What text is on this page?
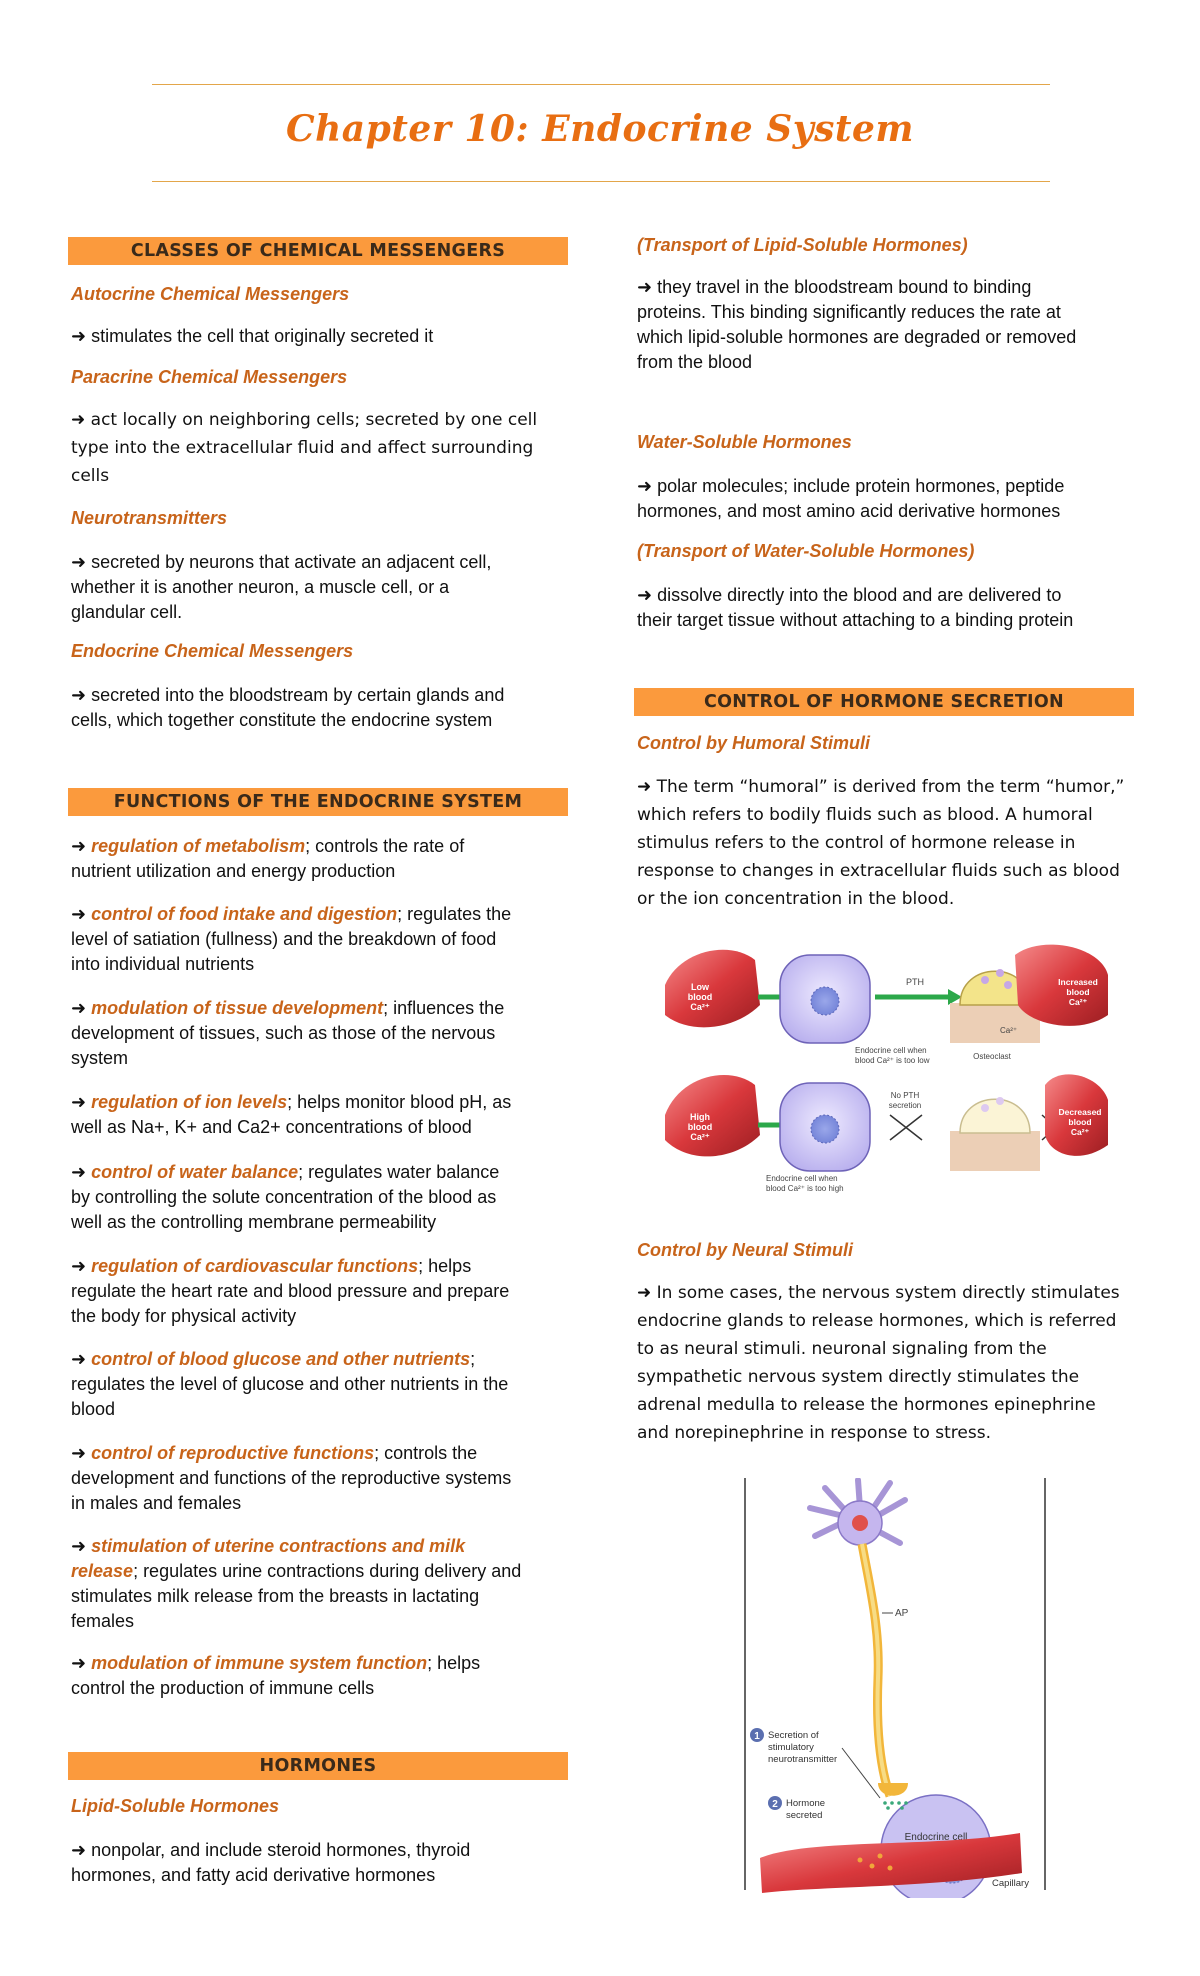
Chapter 10: Endocrine System
CLASSES OF CHEMICAL MESSENGERS
Autocrine Chemical Messengers
➜ stimulates the cell that originally secreted it
Paracrine Chemical Messengers
➜ act locally on neighboring cells; secreted by one cell
type into the extracellular fluid and affect surrounding
cells
Neurotransmitters
➜ secreted by neurons that activate an adjacent cell,
whether it is another neuron, a muscle cell, or a
glandular cell.
Endocrine Chemical Messengers
➜ secreted into the bloodstream by certain glands and
cells, which together constitute the endocrine system
FUNCTIONS OF THE ENDOCRINE SYSTEM
➜ regulation of metabolism; controls the rate of
nutrient utilization and energy production
➜ control of food intake and digestion; regulates the
level of satiation (fullness) and the breakdown of food
into individual nutrients
➜ modulation of tissue development; influences the
development of tissues, such as those of the nervous
system
➜ regulation of ion levels; helps monitor blood pH, as
well as Na+, K+ and Ca2+ concentrations of blood
➜ control of water balance; regulates water balance
by controlling the solute concentration of the blood as
well as the controlling membrane permeability
➜ regulation of cardiovascular functions; helps
regulate the heart rate and blood pressure and prepare
the body for physical activity
➜ control of blood glucose and other nutrients;
regulates the level of glucose and other nutrients in the
blood
➜ control of reproductive functions; controls the
development and functions of the reproductive systems
in males and females
➜ stimulation of uterine contractions and milk
release; regulates urine contractions during delivery and
stimulates milk release from the breasts in lactating
females
➜ modulation of immune system function; helps
control the production of immune cells
HORMONES
Lipid-Soluble Hormones
➜ nonpolar, and include steroid hormones, thyroid
hormones, and fatty acid derivative hormones
(Transport of Lipid-Soluble Hormones)
➜ they travel in the bloodstream bound to binding
proteins. This binding significantly reduces the rate at
which lipid-soluble hormones are degraded or removed
from the blood
Water-Soluble Hormones
➜ polar molecules; include protein hormones, peptide
hormones, and most amino acid derivative hormones
(Transport of Water-Soluble Hormones)
➜ dissolve directly into the blood and are delivered to
their target tissue without attaching to a binding protein
CONTROL OF HORMONE SECRETION
Control by Humoral Stimuli
➜ The term “humoral” is derived from the term “humor,”
which refers to bodily fluids such as blood. A humoral
stimulus refers to the control of hormone release in
response to changes in extracellular fluids such as blood
or the ion concentration in the blood.
Low
blood
Ca²⁺
PTH
Ca²⁺
Endocrine cell when
blood Ca²⁺ is too low	Osteoclast
Increased
blood
Ca²⁺
High
blood
Ca²⁺
No PTH
secretion
Decreased
blood
Ca²⁺
Endocrine cell when
blood Ca²⁺ is too high
Control by Neural Stimuli
➜ In some cases, the nervous system directly stimulates
endocrine glands to release hormones, which is referred
to as neural stimuli. neuronal signaling from the
sympathetic nervous system directly stimulates the
adrenal medulla to release the hormones epinephrine
and norepinephrine in response to stress.
AP
Endocrine cell
1 Secretion of
stimulatory
neurotransmitter
2 Hormone
secreted
Capillary
